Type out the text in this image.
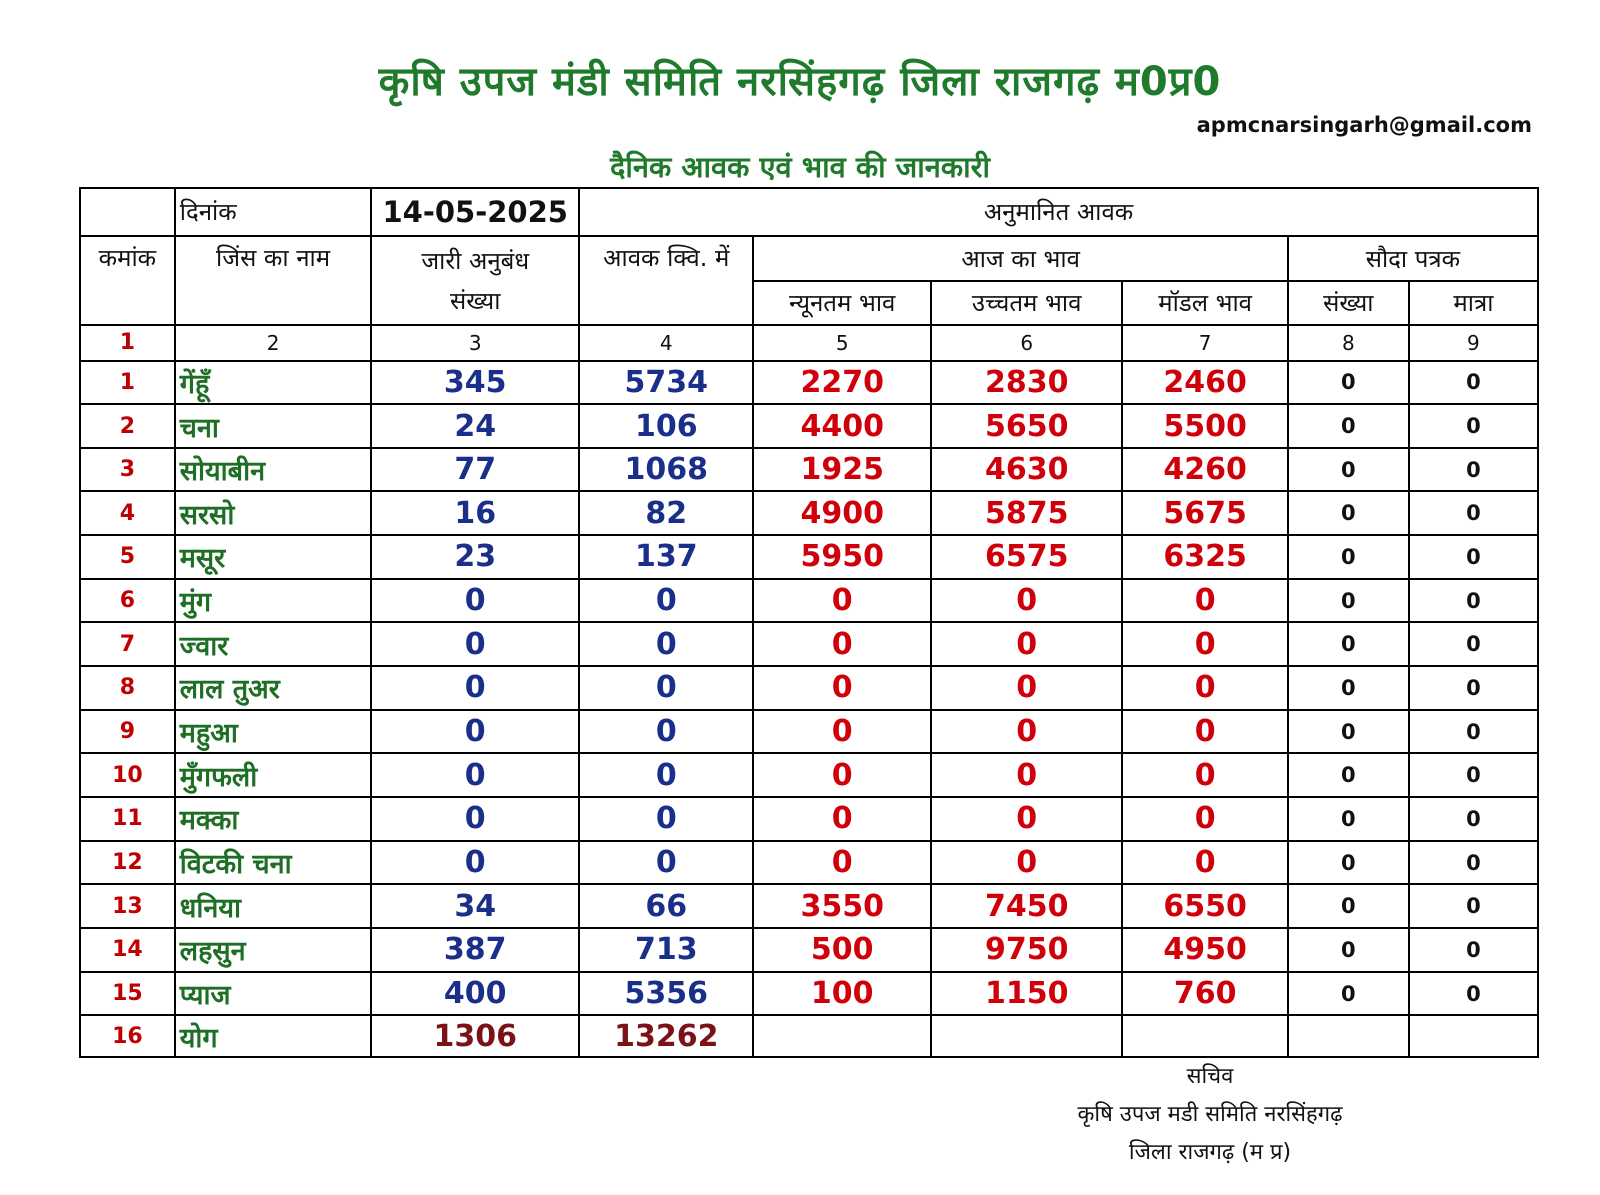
कृषि उपज मंडी समिति नरसिंहगढ़ जिला राजगढ़ म0प्र0
apmcnarsingarh@gmail.com
दैनिक आवक एवं भाव की जानकारी
	दिनांक	14-05-2025	अनुमानित आवक					
कमांक	जिंस का नाम	जारी अनुबंध संख्या	आवक क्वि. में	आज का भाव			सौदा पत्रक	
				न्यूनतम भाव	उच्चतम भाव	मॉडल भाव	संख्या	मात्रा
1	2	3	4	5	6	7	8	9
1	गेंहूँ	345	5734	2270	2830	2460	0	0
2	चना	24	106	4400	5650	5500	0	0
3	सोयाबीन	77	1068	1925	4630	4260	0	0
4	सरसो	16	82	4900	5875	5675	0	0
5	मसूर	23	137	5950	6575	6325	0	0
6	मुंग	0	0	0	0	0	0	0
7	ज्वार	0	0	0	0	0	0	0
8	लाल तुअर	0	0	0	0	0	0	0
9	महुआ	0	0	0	0	0	0	0
10	मुँगफली	0	0	0	0	0	0	0
11	मक्का	0	0	0	0	0	0	0
12	विटकी चना	0	0	0	0	0	0	0
13	धनिया	34	66	3550	7450	6550	0	0
14	लहसुन	387	713	500	9750	4950	0	0
15	प्याज	400	5356	100	1150	760	0	0
16	योग	1306	13262					
सचिव
कृषि उपज मडी समिति नरसिंहगढ़
जिला राजगढ़ (म प्र)
